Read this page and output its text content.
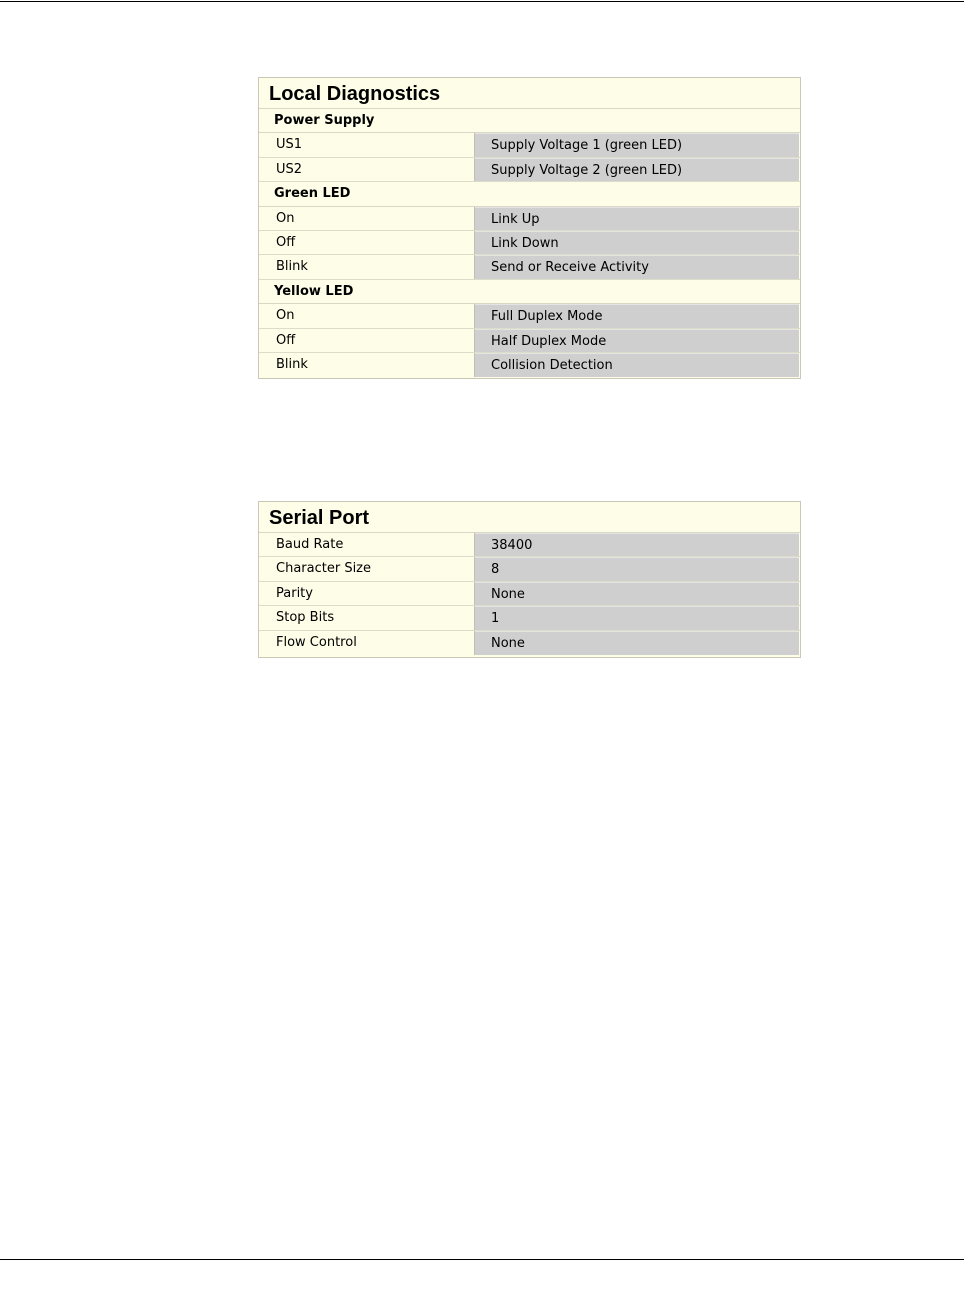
Local Diagnostics
Power Supply
US1	Supply Voltage 1 (green LED)
US2	Supply Voltage 2 (green LED)
Green LED
On	Link Up
Off	Link Down
Blink	Send or Receive Activity
Yellow LED
On	Full Duplex Mode
Off	Half Duplex Mode
Blink	Collision Detection
Serial Port
Baud Rate	38400
Character Size	8
Parity	None
Stop Bits	1
Flow Control	None
